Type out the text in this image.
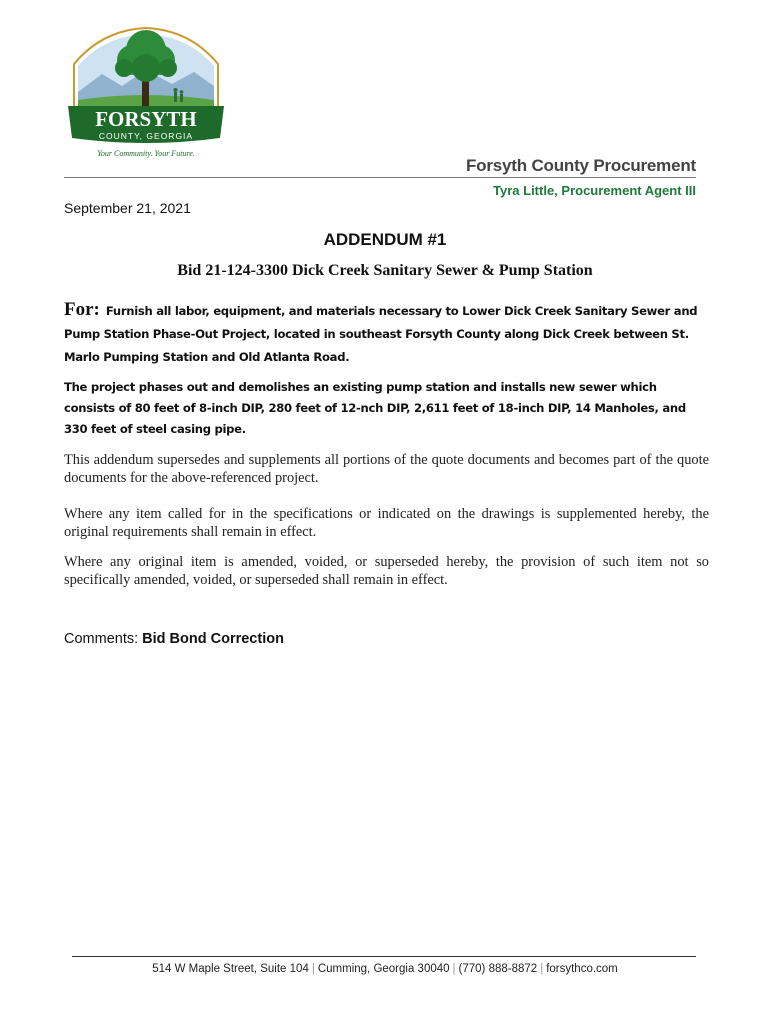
FORSYTH
COUNTY, GEORGIA
Your Community. Your Future.
Forsyth County Procurement
Tyra Little, Procurement Agent III
September 21, 2021
ADDENDUM #1
Bid 21-124-3300 Dick Creek Sanitary Sewer & Pump Station
For: Furnish all labor, equipment, and materials necessary to Lower Dick Creek Sanitary Sewer and Pump Station Phase-Out Project, located in southeast Forsyth County along Dick Creek between St. Marlo Pumping Station and Old Atlanta Road.
The project phases out and demolishes an existing pump station and installs new sewer which consists of 80 feet of 8-inch DIP, 280 feet of 12-nch DIP, 2,611 feet of 18-inch DIP, 14 Manholes, and 330 feet of steel casing pipe.
This addendum supersedes and supplements all portions of the quote documents and becomes part of the quote documents for the above-referenced project.
Where any item called for in the specifications or indicated on the drawings is supplemented hereby, the original requirements shall remain in effect.
Where any original item is amended, voided, or superseded hereby, the provision of such item not so specifically amended, voided, or superseded shall remain in effect.
Comments: Bid Bond Correction
514 W Maple Street, Suite 104 | Cumming, Georgia 30040 | (770) 888-8872 | forsythco.com
